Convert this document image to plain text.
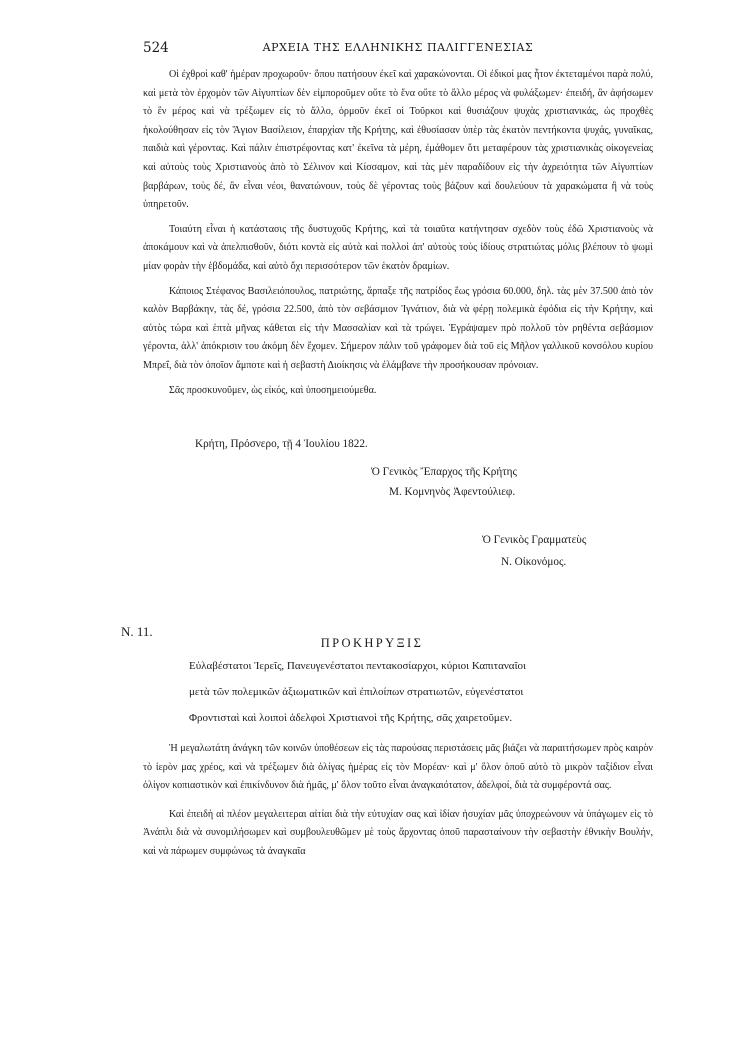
524	ΑΡΧΕΙΑ ΤΗΣ ΕΛΛΗΝΙΚΗΣ ΠΑΛΙΓΓΕΝΕΣΙΑΣ

Οἱ ἐχθροὶ καθ' ἡμέραν προχωροῦν· ὅπου πατήσουν ἐκεῖ καὶ χαρακώνονται. Οἱ ἐδικοί μας ἦτον ἐκτεταμένοι παρὰ πολύ, καὶ μετὰ τὸν ἐρχομὸν τῶν Αἰγυπτίων δὲν εἰμποροῦμεν οὔτε τὸ ἕνα οὔτε τὸ ἄλλο μέρος νὰ φυλάξωμεν· ἐπειδή, ἂν ἀφήσωμεν τὸ ἓν μέρος καὶ νὰ τρέξωμεν εἰς τὸ ἄλλο, ὁρμοῦν ἐκεῖ οἱ Τοῦρκοι καὶ θυσιάζουν ψυχὰς χριστιανικάς, ὡς προχθὲς ἠκολούθησαν εἰς τὸν Ἅγιον Βασίλειον, ἐπαρχίαν τῆς Κρήτης, καὶ ἐθυσίασαν ὑπὲρ τὰς ἑκατὸν πεντήκοντα ψυχάς, γυναῖκας, παιδιὰ καὶ γέροντας. Καὶ πάλιν ἐπιστρέφοντας κατ' ἐκεῖνα τὰ μέρη, ἐμάθομεν ὅτι μεταφέρουν τὰς χριστιανικὰς οἰκογενείας καὶ αὐτοὺς τοὺς Χριστιανοὺς ἀπὸ τὸ Σέλινον καὶ Κίσσαμον, καὶ τὰς μὲν παραδίδουν εἰς τὴν ἀχρειότητα τῶν Αἰγυπτίων βαρβάρων, τοὺς δέ, ἂν εἶναι νέοι, θανατώνουν, τοὺς δὲ γέροντας τοὺς βάζουν καὶ δουλεύουν τὰ χαρακώματα ἢ νὰ τοὺς ὑπηρετοῦν.

Τοιαύτη εἶναι ἡ κατάστασις τῆς δυστυχοῦς Κρήτης, καὶ τὰ τοιαῦτα κατήντησαν σχεδὸν τοὺς ἐδῶ Χριστιανοὺς νὰ ἀποκάμουν καὶ νὰ ἀπελπισθοῦν, διότι κοντὰ εἰς αὐτὰ καὶ πολλοὶ ἀπ' αὐτοὺς τοὺς ἰδίους στρατιώτας μόλις βλέπουν τὸ ψωμὶ μίαν φορὰν τὴν ἑβδομάδα, καὶ αὐτὸ ὄχι περισσότερον τῶν ἑκατὸν δραμίων.

Κάποιος Στέφανος Βασιλειόπουλος, πατριώτης, ἅρπαξε τῆς πατρίδος ἕως γρόσια 60.000, δηλ. τὰς μὲν 37.500 ἀπὸ τὸν καλὸν Βαρβάκην, τὰς δέ, γρόσια 22.500, ἀπὸ τὸν σεβάσμιον Ἰγνάτιον, διὰ νὰ φέρῃ πολεμικὰ ἐφόδια εἰς τὴν Κρήτην, καὶ αὐτὸς τώρα καὶ ἑπτὰ μῆνας κάθεται εἰς τὴν Μασσαλίαν καὶ τὰ τρώγει. Ἐγράψαμεν πρὸ πολλοῦ τὸν ρηθέντα σεβάσμιον γέροντα, ἀλλ' ἀπόκρισιν του ἀκόμη δὲν ἔχομεν. Σήμερον πάλιν τοῦ γράφομεν διὰ τοῦ εἰς Μῆλον γαλλικοῦ κονσόλου κυρίου Μπρεΐ, διὰ τὸν ὁποῖον ἄμποτε καὶ ἡ σεβαστὴ Διοίκησις νὰ ἐλάμβανε τὴν προσήκουσαν πρόνοιαν.

Σᾶς προσκυνοῦμεν, ὡς εἰκός, καὶ ὑποσημειούμεθα.

Κρήτη, Πρόσνερο, τῇ 4 Ἰουλίου 1822.
Ὁ Γενικὸς Ἔπαρχος τῆς Κρήτης
Μ. Κομνηνὸς Ἀφεντούλιεφ.
Ὁ Γενικὸς Γραμματεὺς
Ν. Οἰκονόμος.
N. 11.
ΠΡΟΚΗΡΥΞΙΣ
Εὐλαβέστατοι Ἱερεῖς, Πανευγενέστατοι πεντακοσίαρχοι, κύριοι Καπιταναῖοι
μετὰ τῶν πολεμικῶν ἀξιωματικῶν καὶ ἐπιλοίπων στρατιωτῶν, εὐγενέστατοι
Φροντισταὶ καὶ λοιποὶ ἀδελφοὶ Χριστιανοὶ τῆς Κρήτης, σᾶς χαιρετοῦμεν.

Ἡ μεγαλωτάτη ἀνάγκη τῶν κοινῶν ὑποθέσεων εἰς τὰς παρούσας περιστάσεις μᾶς βιάζει νὰ παραιτήσωμεν πρὸς καιρὸν τὸ ἱερὸν μας χρέος, καὶ νὰ τρέξωμεν διὰ ὀλίγας ἡμέρας εἰς τὸν Μορέαν· καὶ μ' ὅλον ὁποῦ αὐτὸ τὸ μικρὸν ταξίδιον εἶναι ὀλίγον κοπιαστικὸν καὶ ἐπικίνδυνον διὰ ἡμᾶς, μ' ὅλον τοῦτο εἶναι ἀναγκαιότατον, ἀδελφοί, διὰ τὰ συμφέροντά σας.

Καὶ ἐπειδὴ αἱ πλέον μεγαλειτεραι αἰτίαι διὰ τὴν εὐτυχίαν σας καὶ ἰδίαν ἡσυχίαν μᾶς ὑποχρεώνουν νὰ ὑπάγωμεν εἰς τὸ Ἀνάπλι διὰ νὰ συνομιλήσωμεν καὶ συμβουλευθῶμεν μὲ τοὺς ἄρχοντας ὁποῦ παρασταίνουν τὴν σεβαστὴν ἐθνικὴν Βουλήν, καὶ νὰ πάρωμεν συμφώνως τὰ ἀναγκαῖα
